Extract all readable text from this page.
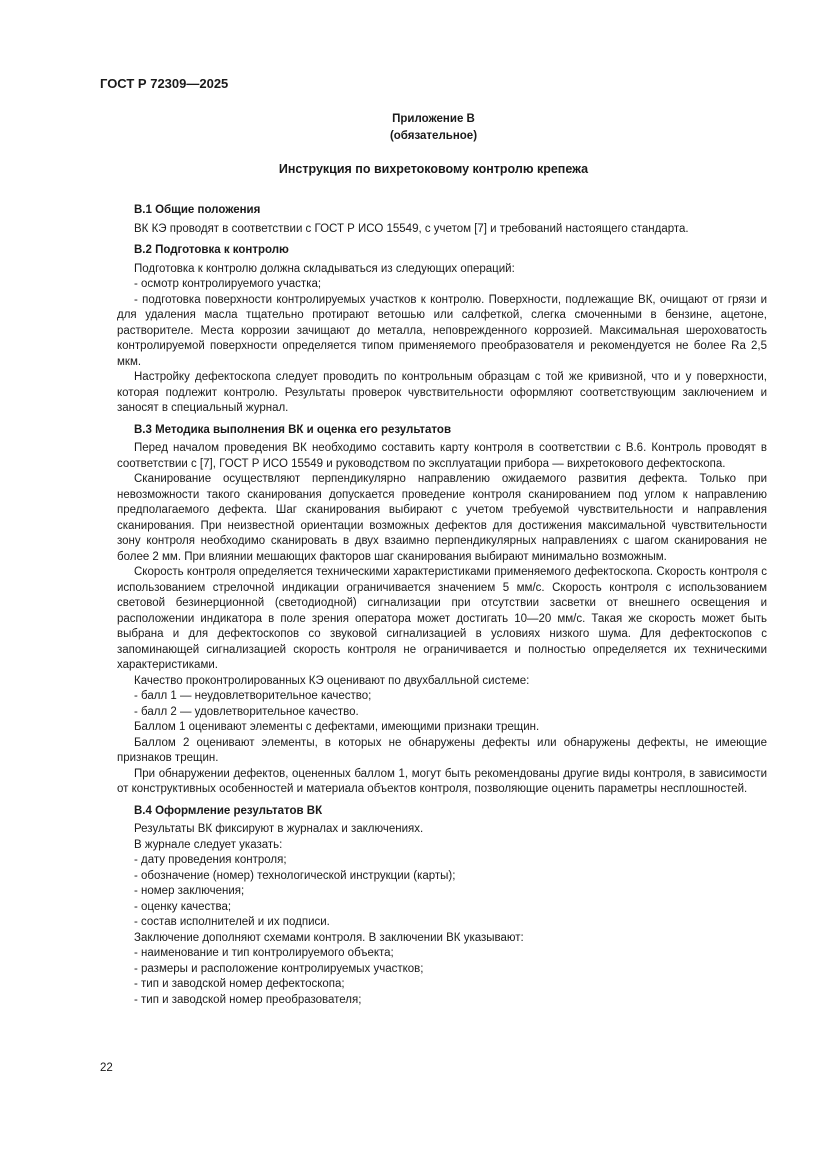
ГОСТ Р 72309—2025
Приложение В
(обязательное)
Инструкция по вихретоковому контролю крепежа
В.1 Общие положения
ВК КЭ проводят в соответствии с ГОСТ Р ИСО 15549, с учетом [7] и требований настоящего стандарта.
В.2 Подготовка к контролю
Подготовка к контролю должна складываться из следующих операций:
- осмотр контролируемого участка;
- подготовка поверхности контролируемых участков к контролю. Поверхности, подлежащие ВК, очищают от грязи и для удаления масла тщательно протирают ветошью или салфеткой, слегка смоченными в бензине, ацетоне, растворителе. Места коррозии зачищают до металла, неповрежденного коррозией. Максимальная шероховатость контролируемой поверхности определяется типом применяемого преобразователя и рекомендуется не более Ra 2,5 мкм.
Настройку дефектоскопа следует проводить по контрольным образцам с той же кривизной, что и у поверхности, которая подлежит контролю. Результаты проверок чувствительности оформляют соответствующим заключением и заносят в специальный журнал.
В.3 Методика выполнения ВК и оценка его результатов
Перед началом проведения ВК необходимо составить карту контроля в соответствии с В.6. Контроль проводят в соответствии с [7], ГОСТ Р ИСО 15549 и руководством по эксплуатации прибора — вихретокового дефектоскопа.
Сканирование осуществляют перпендикулярно направлению ожидаемого развития дефекта. Только при невозможности такого сканирования допускается проведение контроля сканированием под углом к направлению предполагаемого дефекта. Шаг сканирования выбирают с учетом требуемой чувствительности и направления сканирования. При неизвестной ориентации возможных дефектов для достижения максимальной чувствительности зону контроля необходимо сканировать в двух взаимно перпендикулярных направлениях с шагом сканирования не более 2 мм. При влиянии мешающих факторов шаг сканирования выбирают минимально возможным.
Скорость контроля определяется техническими характеристиками применяемого дефектоскопа. Скорость контроля с использованием стрелочной индикации ограничивается значением 5 мм/с. Скорость контроля с использованием световой безинерционной (светодиодной) сигнализации при отсутствии засветки от внешнего освещения и расположении индикатора в поле зрения оператора может достигать 10—20 мм/с. Такая же скорость может быть выбрана и для дефектоскопов со звуковой сигнализацией в условиях низкого шума. Для дефектоскопов с запоминающей сигнализацией скорость контроля не ограничивается и полностью определяется их техническими характеристиками.
Качество проконтролированных КЭ оценивают по двухбалльной системе:
- балл 1 — неудовлетворительное качество;
- балл 2 — удовлетворительное качество.
Баллом 1 оценивают элементы с дефектами, имеющими признаки трещин.
Баллом 2 оценивают элементы, в которых не обнаружены дефекты или обнаружены дефекты, не имеющие признаков трещин.
При обнаружении дефектов, оцененных баллом 1, могут быть рекомендованы другие виды контроля, в зависимости от конструктивных особенностей и материала объектов контроля, позволяющие оценить параметры несплошностей.
В.4 Оформление результатов ВК
Результаты ВК фиксируют в журналах и заключениях.
В журнале следует указать:
- дату проведения контроля;
- обозначение (номер) технологической инструкции (карты);
- номер заключения;
- оценку качества;
- состав исполнителей и их подписи.
Заключение дополняют схемами контроля. В заключении ВК указывают:
- наименование и тип контролируемого объекта;
- размеры и расположение контролируемых участков;
- тип и заводской номер дефектоскопа;
- тип и заводской номер преобразователя;
22
